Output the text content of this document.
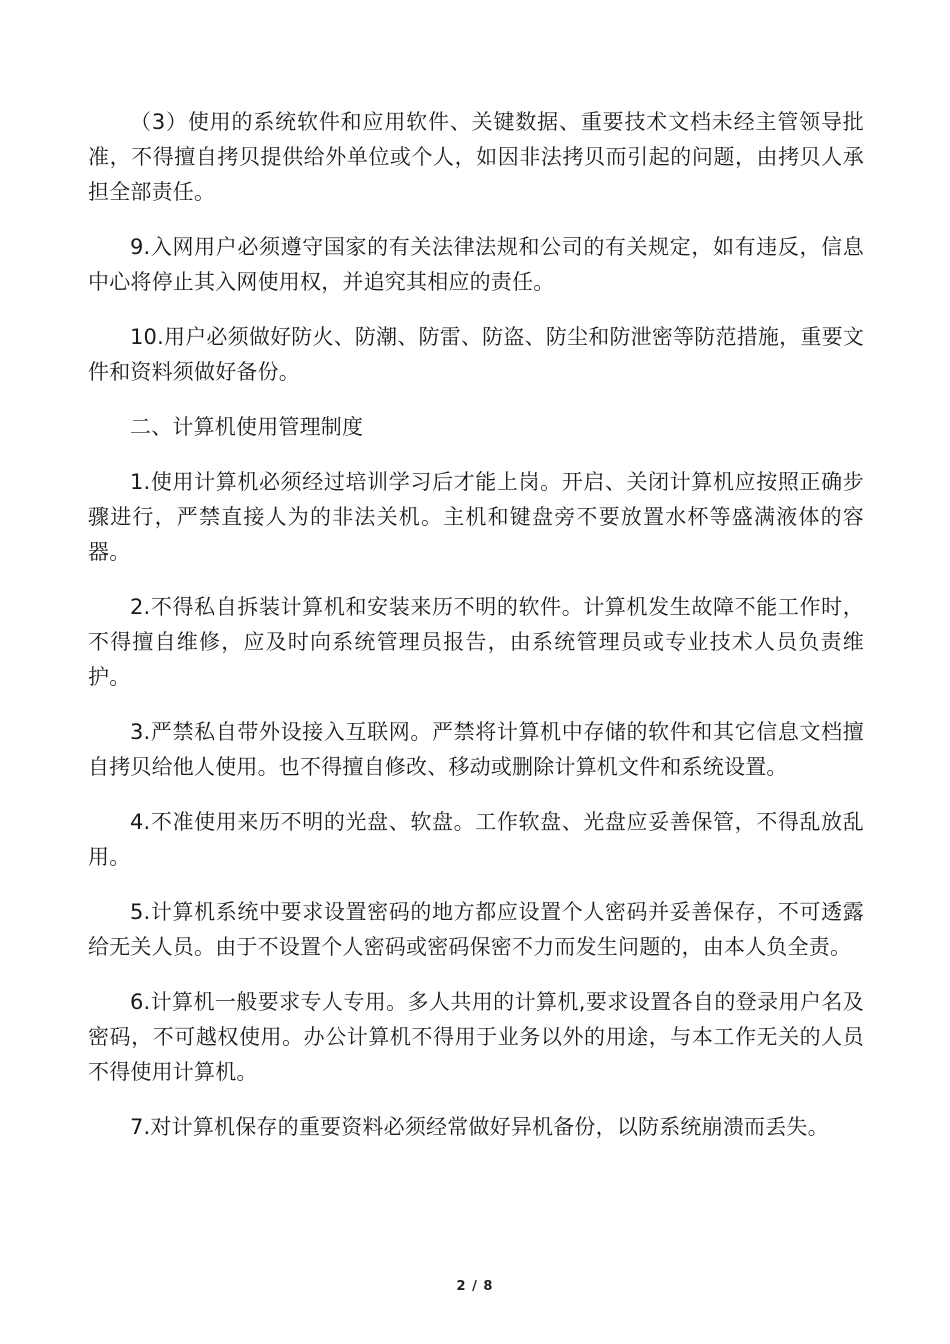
（3）使用的系统软件和应用软件、关键数据、重要技术文档未经主管领导批准，不得擅自拷贝提供给外单位或个人，如因非法拷贝而引起的问题，由拷贝人承担全部责任。

9.入网用户必须遵守国家的有关法律法规和公司的有关规定，如有违反，信息中心将停止其入网使用权，并追究其相应的责任。

10.用户必须做好防火、防潮、防雷、防盗、防尘和防泄密等防范措施，重要文件和资料须做好备份。

二、计算机使用管理制度

1.使用计算机必须经过培训学习后才能上岗。开启、关闭计算机应按照正确步骤进行，严禁直接人为的非法关机。主机和键盘旁不要放置水杯等盛满液体的容器。

2.不得私自拆装计算机和安装来历不明的软件。计算机发生故障不能工作时，不得擅自维修，应及时向系统管理员报告，由系统管理员或专业技术人员负责维护。

3.严禁私自带外设接入互联网。严禁将计算机中存储的软件和其它信息文档擅自拷贝给他人使用。也不得擅自修改、移动或删除计算机文件和系统设置。

4.不准使用来历不明的光盘、软盘。工作软盘、光盘应妥善保管，不得乱放乱用。

5.计算机系统中要求设置密码的地方都应设置个人密码并妥善保存，不可透露给无关人员。由于不设置个人密码或密码保密不力而发生问题的，由本人负全责。

6.计算机一般要求专人专用。多人共用的计算机,要求设置各自的登录用户名及密码，不可越权使用。办公计算机不得用于业务以外的用途，与本工作无关的人员不得使用计算机。

7.对计算机保存的重要资料必须经常做好异机备份，以防系统崩溃而丢失。

2 / 8
